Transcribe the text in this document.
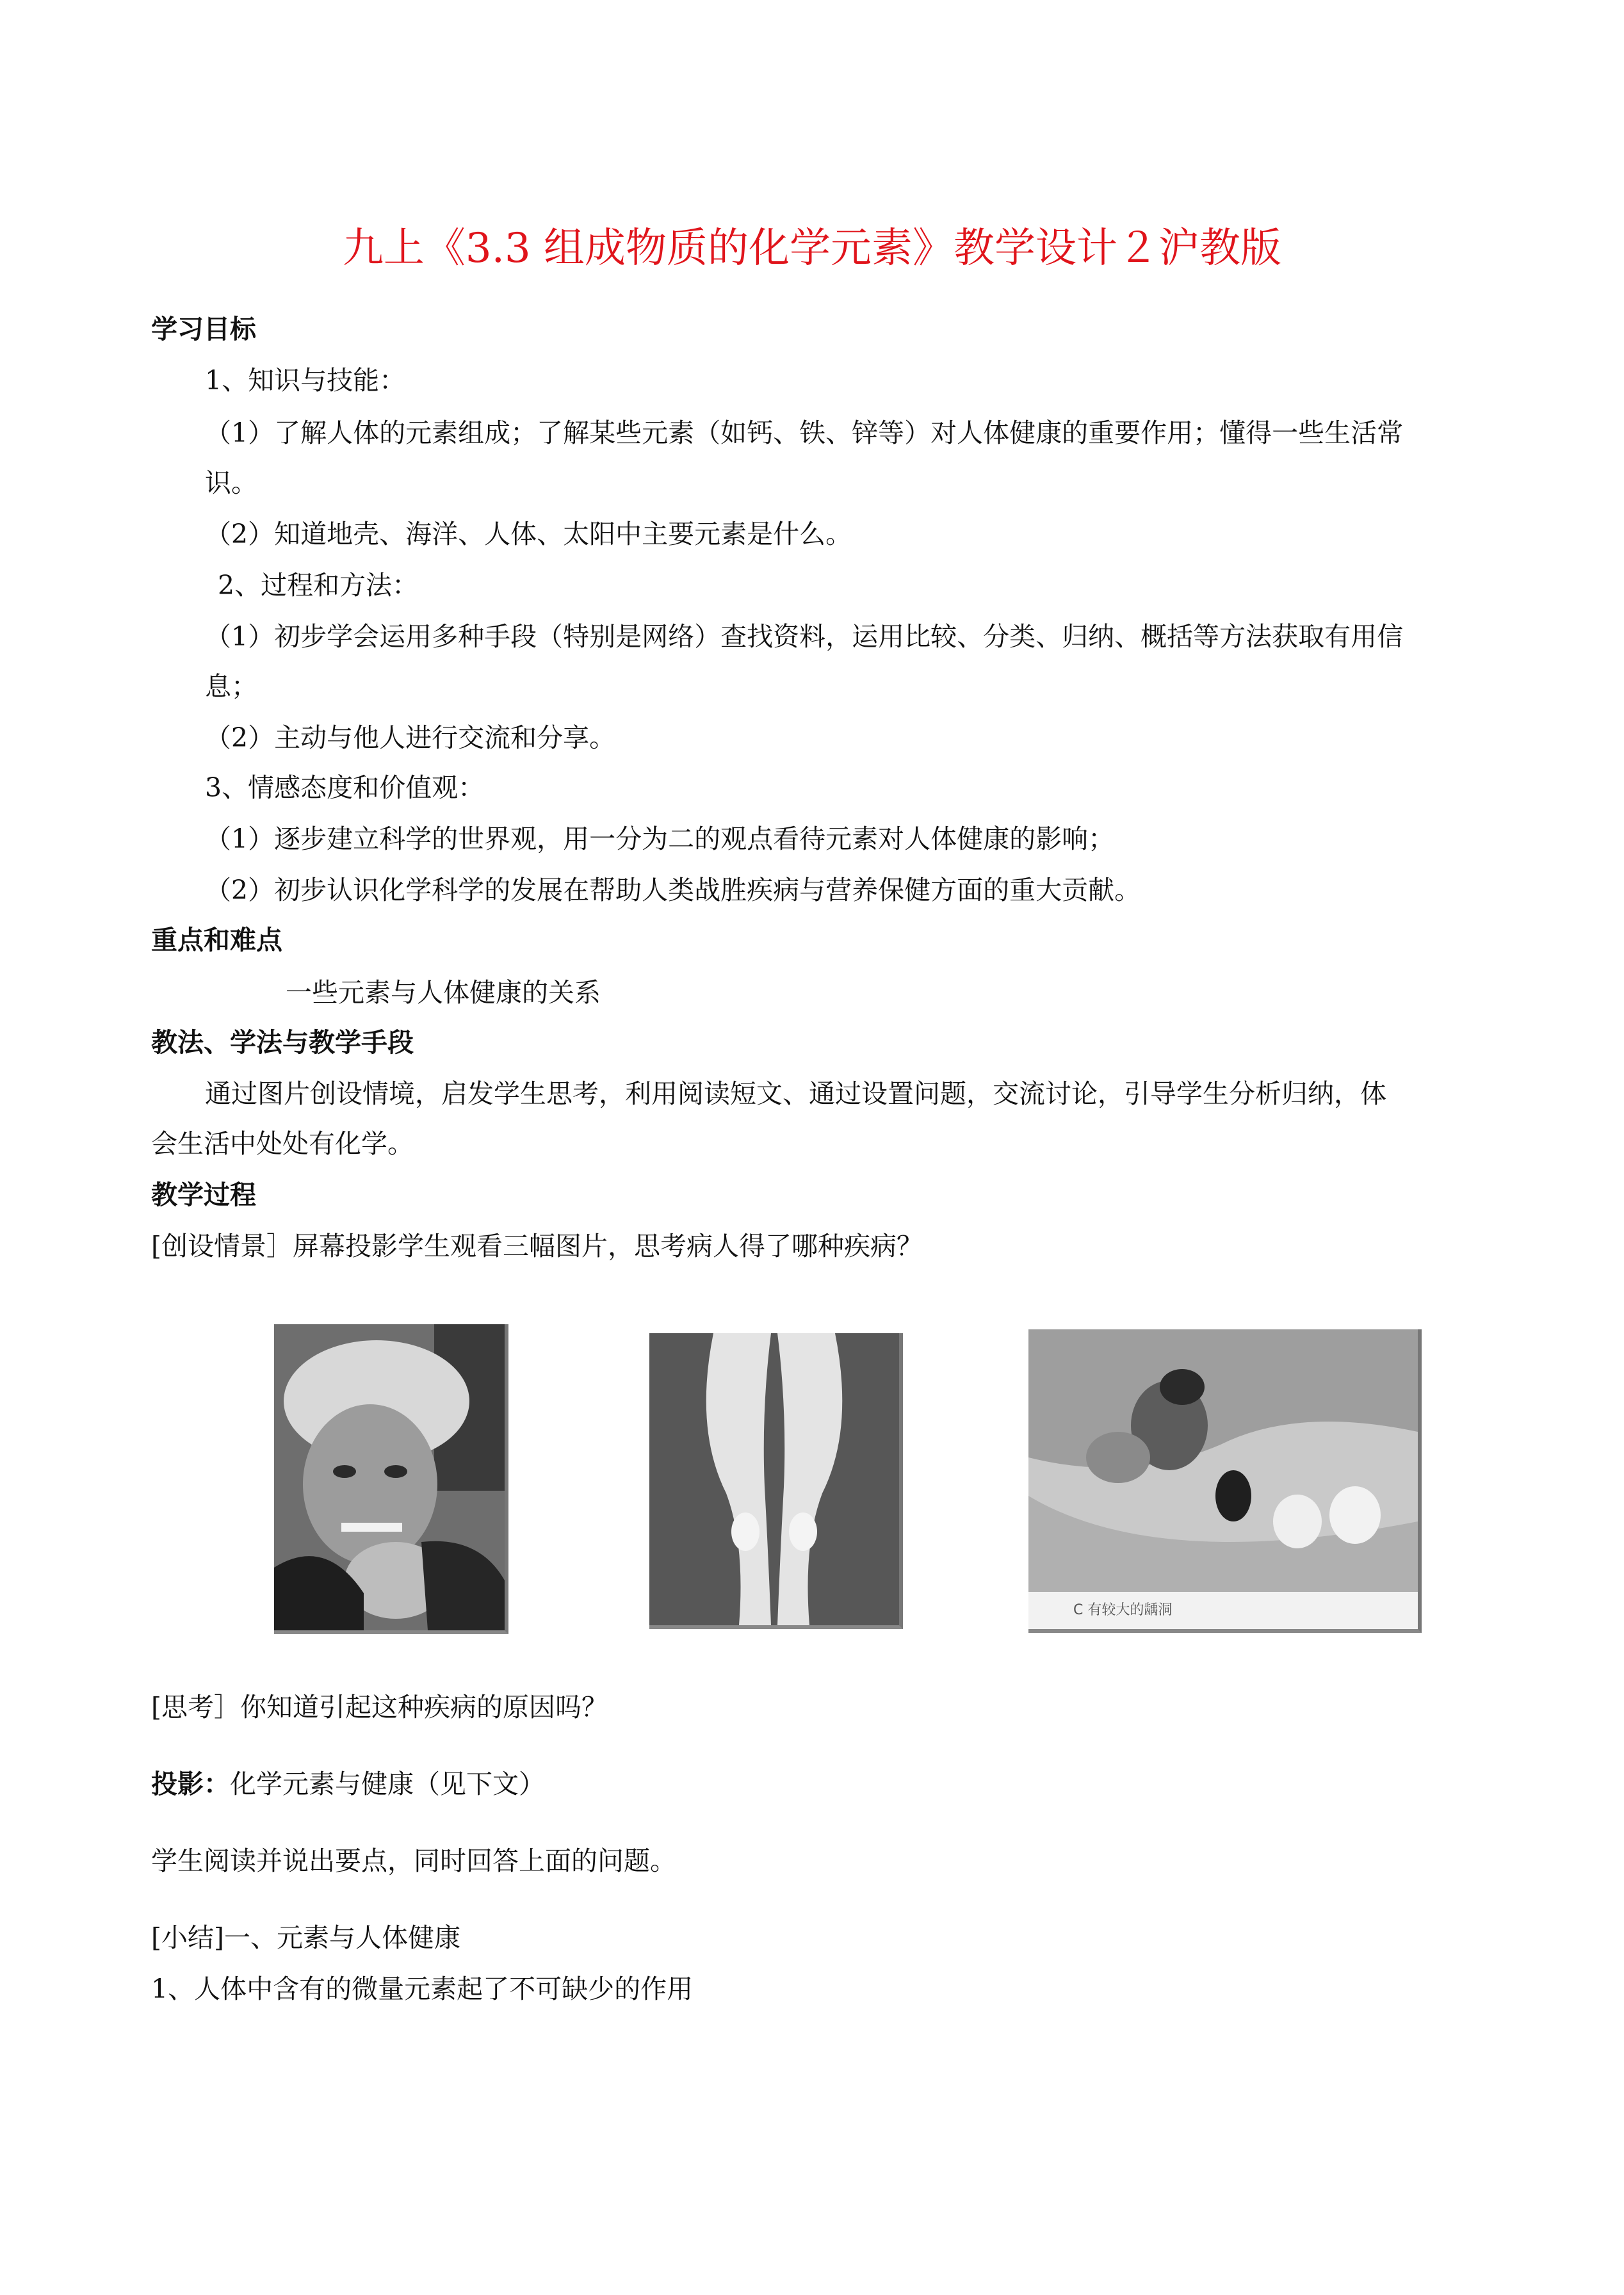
九上《3.3 组成物质的化学元素》教学设计２沪教版
学习目标
1、知识与技能：
（1）了解人体的元素组成；了解某些元素（如钙、铁、锌等）对人体健康的重要作用；懂得一些生活常
识。
（2）知道地壳、海洋、人体、太阳中主要元素是什么。
2、过程和方法：
（1）初步学会运用多种手段（特别是网络）查找资料，运用比较、分类、归纳、概括等方法获取有用信
息；
（2）主动与他人进行交流和分享。
3、情感态度和价值观：
（1）逐步建立科学的世界观，用一分为二的观点看待元素对人体健康的影响；
（2）初步认识化学科学的发展在帮助人类战胜疾病与营养保健方面的重大贡献。
重点和难点
一些元素与人体健康的关系
教法、学法与教学手段
通过图片创设情境，启发学生思考，利用阅读短文、通过设置问题，交流讨论，引导学生分析归纳，体
会生活中处处有化学。
教学过程
[创设情景］屏幕投影学生观看三幅图片，思考病人得了哪种疾病？
C 有较大的龋洞
[思考］你知道引起这种疾病的原因吗？
投影：化学元素与健康（见下文）
学生阅读并说出要点，同时回答上面的问题。
[小结]一、元素与人体健康
1、人体中含有的微量元素起了不可缺少的作用
